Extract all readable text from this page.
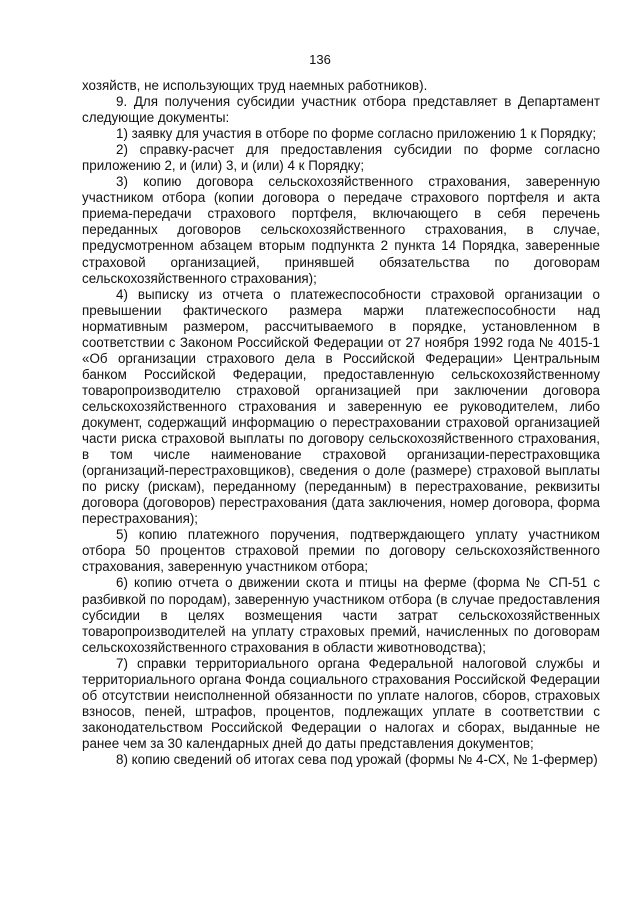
136

хозяйств, не использующих труд наемных работников).

9. Для получения субсидии участник отбора представляет в Департамент следующие документы:

1) заявку для участия в отборе по форме согласно приложению 1 к Порядку;

2) справку-расчет для предоставления субсидии по форме согласно приложению 2, и (или) 3, и (или) 4 к Порядку;

3) копию договора сельскохозяйственного страхования, заверенную участником отбора (копии договора о передаче страхового портфеля и акта приема-передачи страхового портфеля, включающего в себя перечень переданных договоров сельскохозяйственного страхования, в случае, предусмотренном абзацем вторым подпункта 2 пункта 14 Порядка, заверенные страховой организацией, принявшей обязательства по договорам сельскохозяйственного страхования);

4) выписку из отчета о платежеспособности страховой организации о превышении фактического размера маржи платежеспособности над нормативным размером, рассчитываемого в порядке, установленном в соответствии с Законом Российской Федерации от 27 ноября 1992 года № 4015-1 «Об организации страхового дела в Российской Федерации» Центральным банком Российской Федерации, предоставленную сельскохозяйственному товаропроизводителю страховой организацией при заключении договора сельскохозяйственного страхования и заверенную ее руководителем, либо документ, содержащий информацию о перестраховании страховой организацией части риска страховой выплаты по договору сельскохозяйственного страхования, в том числе наименование страховой организации-перестраховщика (организаций-перестраховщиков), сведения о доле (размере) страховой выплаты по риску (рискам), переданному (переданным) в перестрахование, реквизиты договора (договоров) перестрахования (дата заключения, номер договора, форма перестрахования);

5) копию платежного поручения, подтверждающего уплату участником отбора 50 процентов страховой премии по договору сельскохозяйственного страхования, заверенную участником отбора;

6) копию отчета о движении скота и птицы на ферме (форма № СП-51 с разбивкой по породам), заверенную участником отбора (в случае предоставления субсидии в целях возмещения части затрат сельскохозяйственных товаропроизводителей на уплату страховых премий, начисленных по договорам сельскохозяйственного страхования в области животноводства);

7) справки территориального органа Федеральной налоговой службы и территориального органа Фонда социального страхования Российской Федерации об отсутствии неисполненной обязанности по уплате налогов, сборов, страховых взносов, пеней, штрафов, процентов, подлежащих уплате в соответствии с законодательством Российской Федерации о налогах и сборах, выданные не ранее чем за 30 календарных дней до даты представления документов;

8) копию сведений об итогах сева под урожай (формы № 4-СХ, № 1-фермер)
